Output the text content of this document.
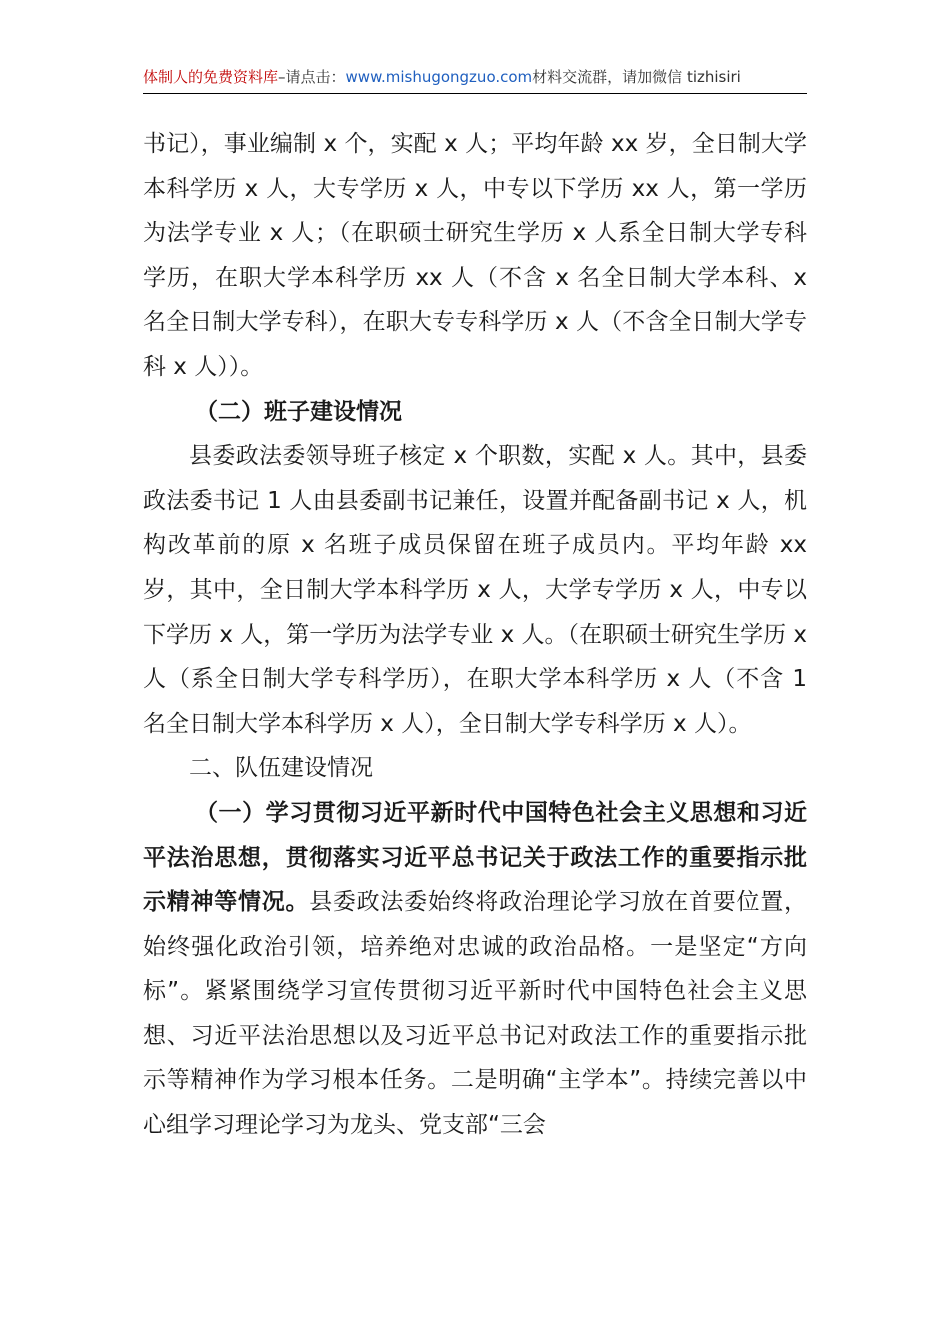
体制人的免费资料库–请点击：www.mishugongzuo.com材料交流群，请加微信 tizhisiri

书记），事业编制 x 个，实配 x 人；平均年龄 xx 岁，全日制大学本科学历 x 人，大专学历 x 人，中专以下学历 xx 人，第一学历为法学专业 x 人；（在职硕士研究生学历 x 人系全日制大学专科学历，在职大学本科学历 xx 人（不含 x 名全日制大学本科、x 名全日制大学专科），在职大专专科学历 x 人（不含全日制大学专科 x 人））。

（二）班子建设情况

县委政法委领导班子核定 x 个职数，实配 x 人。其中，县委政法委书记 1 人由县委副书记兼任，设置并配备副书记 x 人，机构改革前的原 x 名班子成员保留在班子成员内。平均年龄 xx 岁，其中，全日制大学本科学历 x 人，大学专学历 x 人，中专以下学历 x 人，第一学历为法学专业 x 人。（在职硕士研究生学历 x 人（系全日制大学专科学历），在职大学本科学历 x 人（不含 1 名全日制大学本科学历 x 人），全日制大学专科学历 x 人）。

二、队伍建设情况

（一）学习贯彻习近平新时代中国特色社会主义思想和习近平法治思想，贯彻落实习近平总书记关于政法工作的重要指示批示精神等情况。县委政法委始终将政治理论学习放在首要位置，始终强化政治引领，培养绝对忠诚的政治品格。一是坚定“方向标”。紧紧围绕学习宣传贯彻习近平新时代中国特色社会主义思想、习近平法治思想以及习近平总书记对政法工作的重要指示批示等精神作为学习根本任务。二是明确“主学本”。持续完善以中心组学习理论学习为龙头、党支部“三会
